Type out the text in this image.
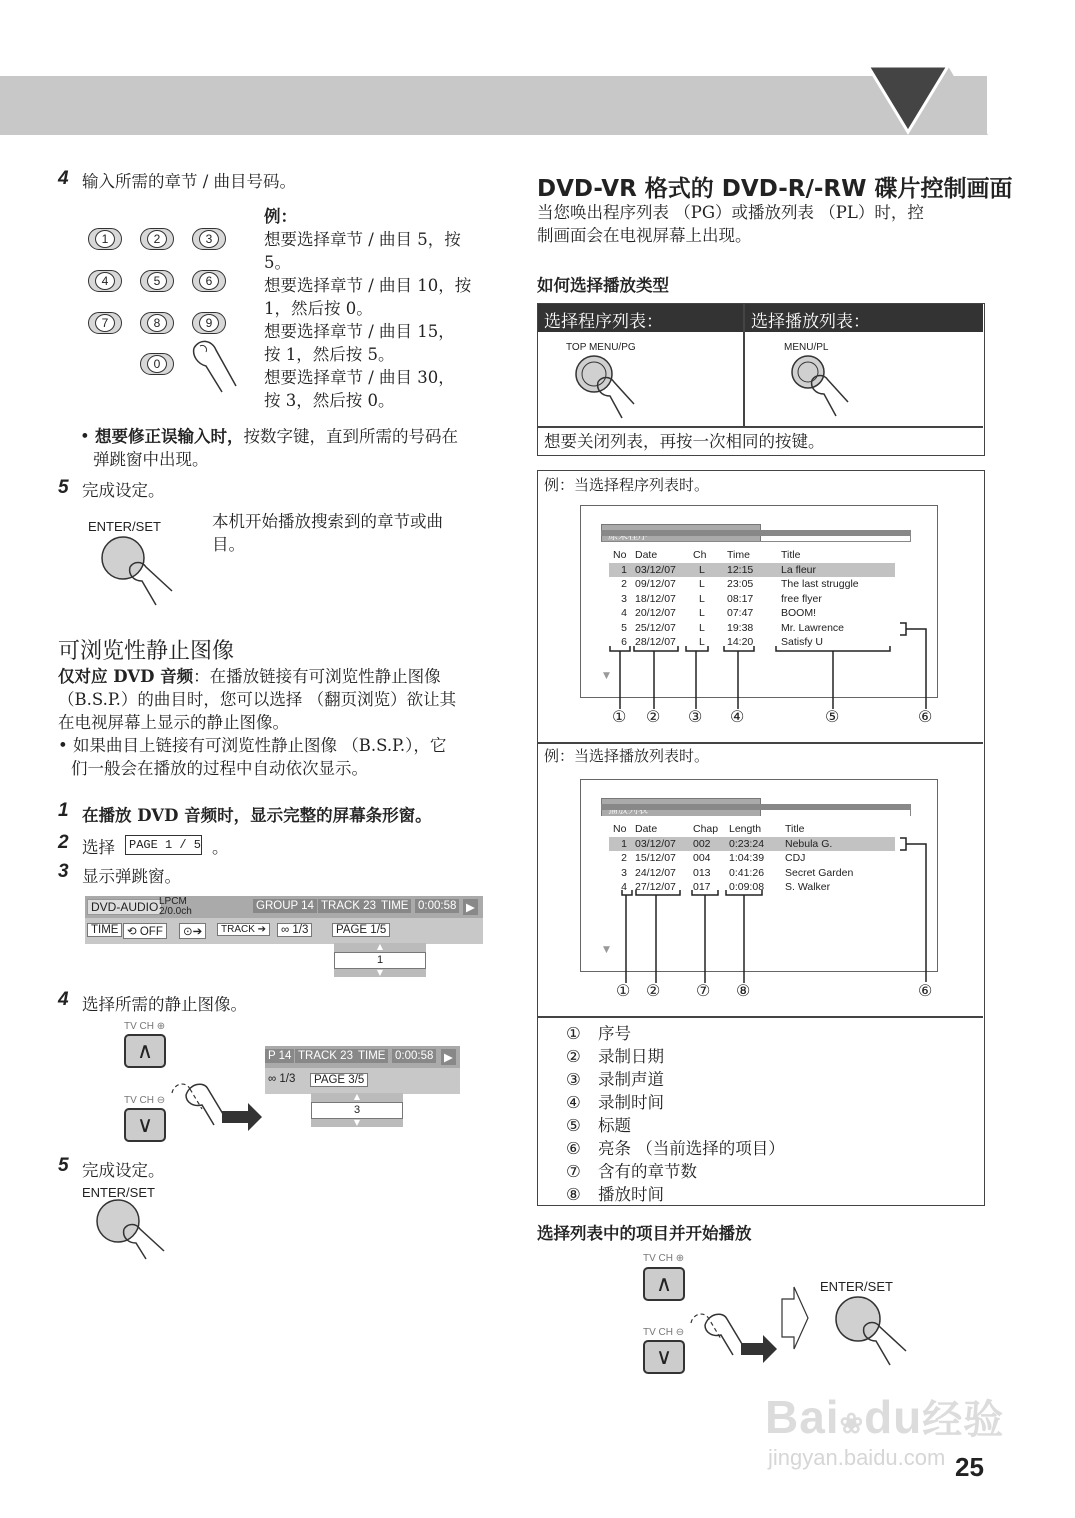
4 输入所需的章节 / 曲目号码。
1	2	3
4	5	6
7	8	9
0
例：
想要选择章节 / 曲目 5，按
5。
想要选择章节 / 曲目 10，按
1，然后按 0。
想要选择章节 / 曲目 15，
按 1，然后按 5。
想要选择章节 / 曲目 30，
按 3，然后按 0。
• 想要修正误输入时，按数字键，直到所需的号码在
弹跳窗中出现。
5 完成设定。
ENTER/SET	本机开始播放搜索到的章节或曲
目。
可浏览性静止图像
仅对应 DVD 音频：在播放链接有可浏览性静止图像
（B.S.P.）的曲目时，您可以选择 （翻页浏览）欲让其
在电视屏幕上显示的静止图像。
• 如果曲目上链接有可浏览性静止图像 （B.S.P.），它
们一般会在播放的过程中自动依次显示。
1 在播放 DVD 音频时，显示完整的屏幕条形窗。
2 选择	PAGE 1 / 5 。
3 显示弹跳窗。
DVD-AUDIO LPCM
2/0.0ch	GROUP 14 TRACK 23 TIME 0:00:58 ▶
TIME ⟲ OFF	⊙➔	TRACK ➔	∞ 1/3	PAGE 1/5
▲
1
▼
4 选择所需的静止图像。
TV CH ⊕
∧
TV CH ⊖
∨
P 14 TRACK 23 TIME 0:00:58 ▶
∞ 1/3	PAGE 3/5
▲
3
▼
5 完成设定。
ENTER/SET
DVD-VR 格式的 DVD-R/-RW 碟片控制画面
当您唤出程序列表 （PG）或播放列表 （PL）时，控
制画面会在电视屏幕上出现。
如何选择播放类型
选择程序列表：	选择播放列表：
TOP MENU/PG	MENU/PL
想要关闭列表，再按一次相同的按键。
例：当选择程序列表时。
例：当选择播放列表时。
原来程序
No	Date	Ch	Time	Title
1	03/12/07	L	12:15	La fleur
2	09/12/07	L	23:05	The last struggle
3	18/12/07	L	08:17	free flyer
4	20/12/07	L	07:47	BOOM!
5	25/12/07	L	19:38	Mr. Lawrence
6	28/12/07	L	14:20	Satisfy U
▼
① ② ③ ④	⑤	⑥
播放列表
No	Date	Chap	Length	Title
1	03/12/07	002	0:23:24	Nebula G.
2	15/12/07	004	1:04:39	CDJ
3	24/12/07	013	0:41:26	Secret Garden
4	27/12/07	017	0:09:08	S. Walker
▼
① ② ⑦ ⑧	⑥
① 序号
② 录制日期
③ 录制声道
④ 录制时间
⑤ 标题
⑥ 亮条 （当前选择的项目）
⑦ 含有的章节数
⑧ 播放时间
选择列表中的项目并开始播放
TV CH ⊕
∧
TV CH ⊖
∨
ENTER/SET
Bai❀du经验
jingyan.baidu.com 25
